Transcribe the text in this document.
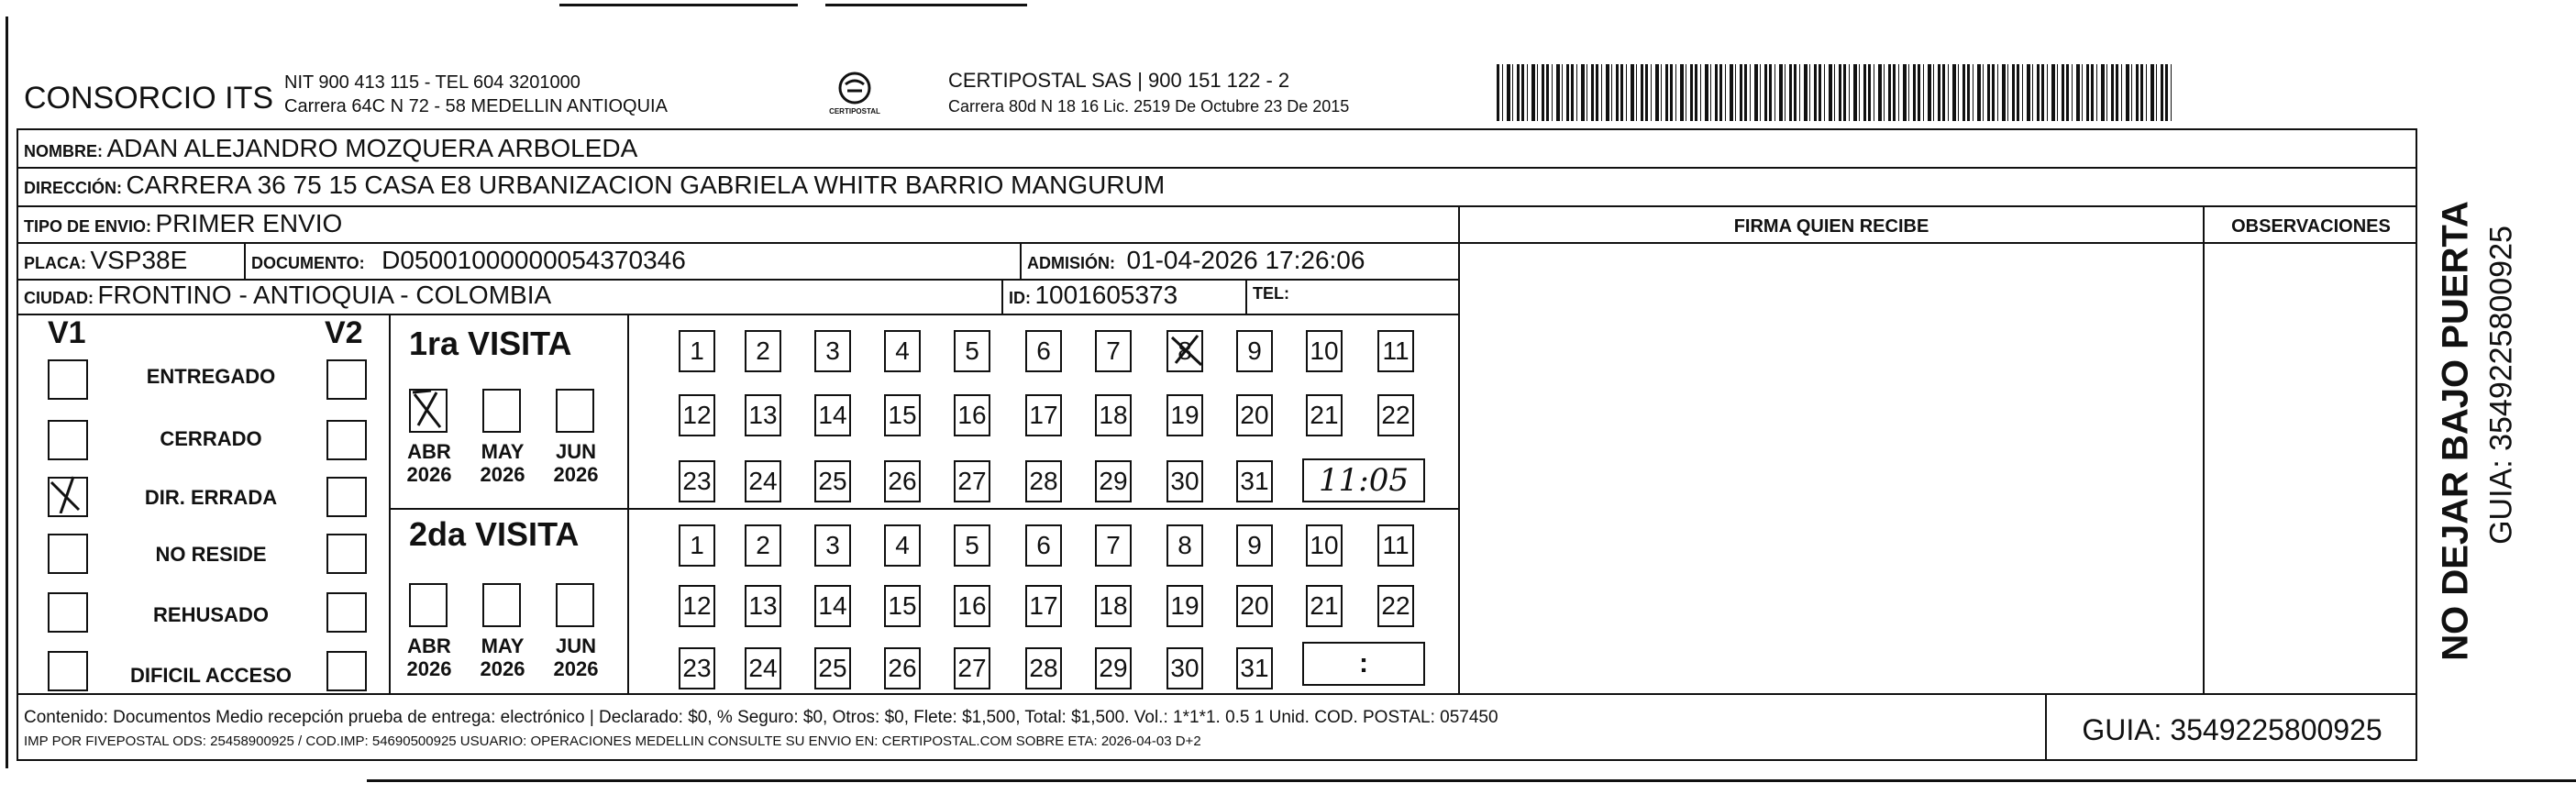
CONSORCIO ITS NIT 900 413 115 - TEL 604 3201000
Carrera 64C N 72 - 58 MEDELLIN ANTIOQUIA	CERTIPOSTAL
CERTIPOSTAL SAS | 900 151 122 - 2
Carrera 80d N 18 16 Lic. 2519 De Octubre 23 De 2015
NOMBRE: ADAN ALEJANDRO MOZQUERA ARBOLEDA
DIRECCIÓN: CARRERA 36 75 15 CASA E8 URBANIZACION GABRIELA WHITR BARRIO MANGURUM
FIRMA QUIEN RECIBE	OBSERVACIONES
TIPO DE ENVIO: PRIMER ENVIO
PLACA: VSP38E	DOCUMENTO: D05001000000054370346	ADMISIÓN: 01-04-2026 17:26:06
CIUDAD: FRONTINO - ANTIOQUIA - COLOMBIA	ID: 1001605373	TEL:
V1	V2
ENTREGADO
CERRADO
DIR. ERRADA
NO RESIDE
REHUSADO
DIFICIL ACCESO
1ra VISITA
ABR
2026
MAY
2026
JUN
2026
2da VISITA
ABR
2026
MAY
2026
JUN
2026
1 2 3 4 5 6 7 8 9 10 11
12 13 14 15 16 17 18 19 20 21 22
23 24 25 26 27 28 29 30 31
1 2 3 4 5 6 7 8 9 10 11
12 13 14 15 16 17 18 19 20 21 22
23 24 25 26 27 28 29 30 31
11:05
:
Contenido: Documentos Medio recepción prueba de entrega: electrónico | Declarado: $0, % Seguro: $0, Otros: $0, Flete: $1,500, Total: $1,500. Vol.: 1*1*1. 0.5 1 Unid. COD. POSTAL: 057450
IMP POR FIVEPOSTAL ODS: 25458900925 / COD.IMP: 54690500925 USUARIO: OPERACIONES MEDELLIN CONSULTE SU ENVIO EN: CERTIPOSTAL.COM SOBRE ETA: 2026-04-03 D+2	GUIA: 3549225800925
NO DEJAR BAJO PUERTA GUIA: 3549225800925
